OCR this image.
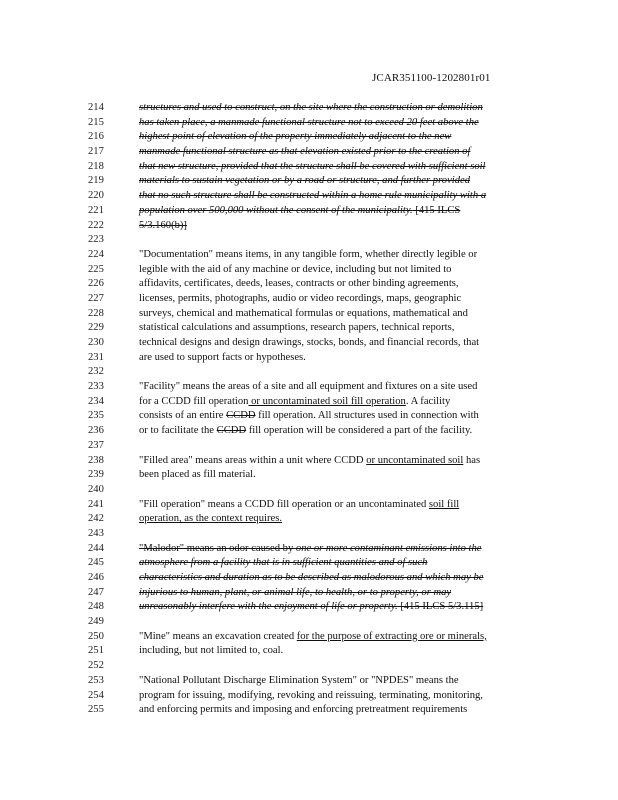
JCAR351100-1202801r01
214	structures and used to construct, on the site where the construction or demolition
215	has taken place, a manmade functional structure not to exceed 20 feet above the
216	highest point of elevation of the property immediately adjacent to the new
217	manmade functional structure as that elevation existed prior to the creation of
218	that new structure, provided that the structure shall be covered with sufficient soil
219	materials to sustain vegetation or by a road or structure, and further provided
220	that no such structure shall be constructed within a home rule municipality with a
221	population over 500,000 without the consent of the municipality. [415 ILCS
222	5/3.160(b)]
223
224	"Documentation" means items, in any tangible form, whether directly legible or
225	legible with the aid of any machine or device, including but not limited to
226	affidavits, certificates, deeds, leases, contracts or other binding agreements,
227	licenses, permits, photographs, audio or video recordings, maps, geographic
228	surveys, chemical and mathematical formulas or equations, mathematical and
229	statistical calculations and assumptions, research papers, technical reports,
230	technical designs and design drawings, stocks, bonds, and financial records, that
231	are used to support facts or hypotheses.
232
233	"Facility" means the areas of a site and all equipment and fixtures on a site used
234	for a CCDD fill operation or uncontaminated soil fill operation. A facility
235	consists of an entire CCDD fill operation. All structures used in connection with
236	or to facilitate the CCDD fill operation will be considered a part of the facility.
237
238	"Filled area" means areas within a unit where CCDD or uncontaminated soil has
239	been placed as fill material.
240
241	"Fill operation" means a CCDD fill operation or an uncontaminated soil fill
242	operation, as the context requires.
243
244	"Malodor" means an odor caused by one or more contaminant emissions into the
245	atmosphere from a facility that is in sufficient quantities and of such
246	characteristics and duration as to be described as malodorous and which may be
247	injurious to human, plant, or animal life, to health, or to property, or may
248	unreasonably interfere with the enjoyment of life or property. [415 ILCS 5/3.115]
249
250	"Mine" means an excavation created for the purpose of extracting ore or minerals,
251	including, but not limited to, coal.
252
253	"National Pollutant Discharge Elimination System" or "NPDES" means the
254	program for issuing, modifying, revoking and reissuing, terminating, monitoring,
255	and enforcing permits and imposing and enforcing pretreatment requirements
